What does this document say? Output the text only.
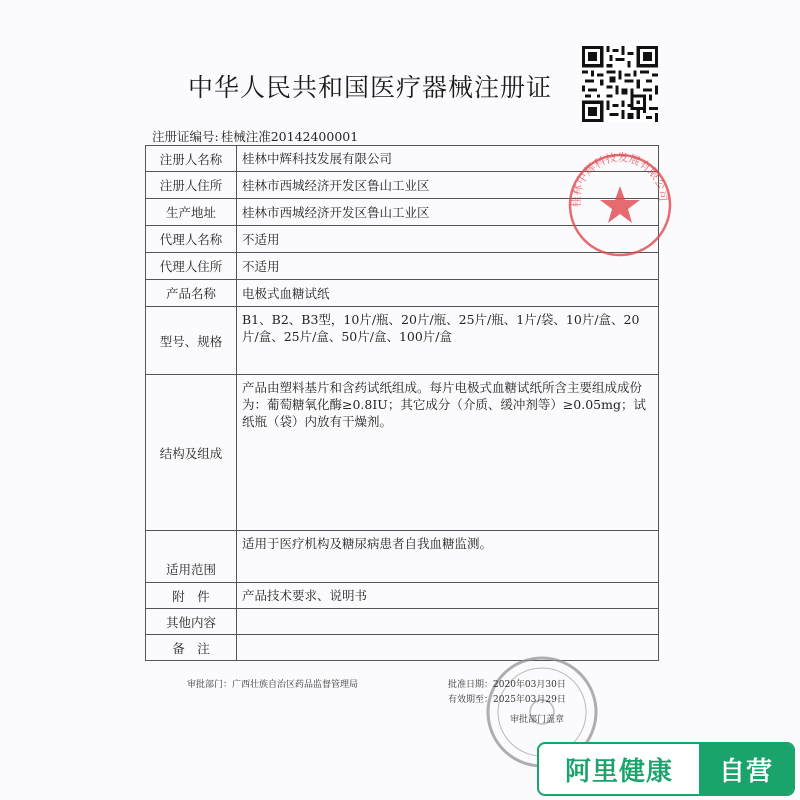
中华人民共和国医疗器械注册证
注册证编号: 桂械注准20142400001
注册人名称	桂林中辉科技发展有限公司
注册人住所	桂林市西城经济开发区鲁山工业区
生产地址	桂林市西城经济开发区鲁山工业区
代理人名称	不适用
代理人住所	不适用
产品名称	电极式血糖试纸
型号、规格	B1、B2、B3型，10片/瓶、20片/瓶、25片/瓶、1片/袋、10片/盒、20片/盒、25片/盒、50片/盒、100片/盒
结构及组成	产品由塑料基片和含药试纸组成。每片电极式血糖试纸所含主要组成成份为：葡萄糖氧化酶≥0.8IU；其它成分（介质、缓冲剂等）≥0.05mg；试纸瓶（袋）内放有干燥剂。
适用范围	适用于医疗机构及糖尿病患者自我血糖监测。
附　件	产品技术要求、说明书
其他内容	
备　注	
桂林中辉科技发展有限公司
审批部门：广西壮族自治区药品监督管理局	批准日期：2020年03月30日
有效期至：2025年03月29日
审批部门盖章
阿里健康	自营
